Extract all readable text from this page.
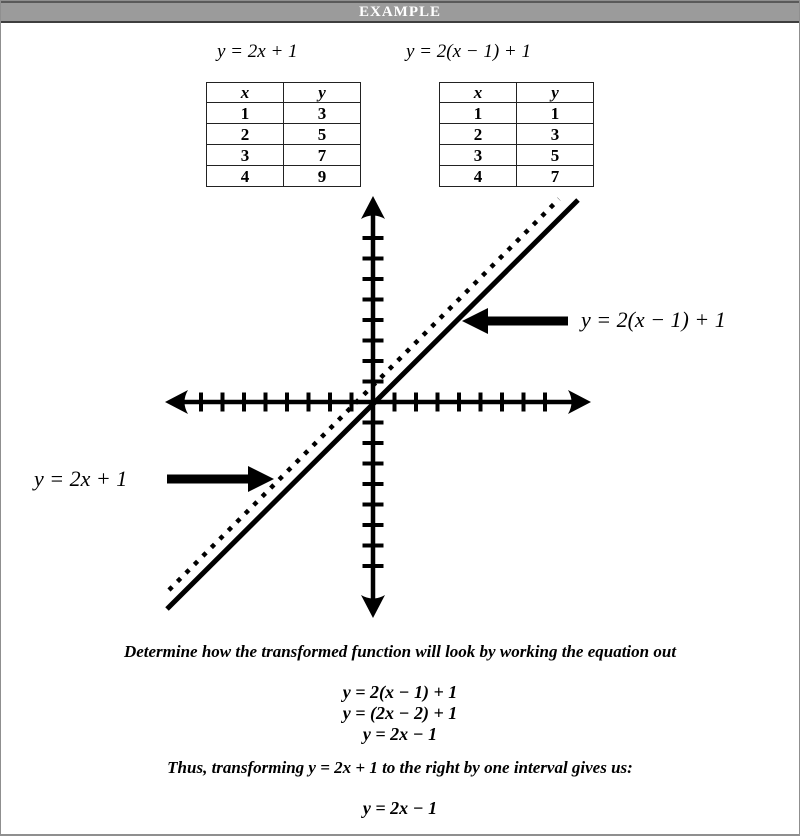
EXAMPLE
y = 2x + 1	y = 2(x − 1) + 1
x	y
1	3
2	5
3	7
4	9
x	y
1	1
2	3
3	5
4	7
y = 2(x − 1) + 1
y = 2x + 1
Determine how the transformed function will look by working the equation out
y = 2(x − 1) + 1
y = (2x − 2) + 1
y = 2x − 1
Thus, transforming y = 2x + 1 to the right by one interval gives us:
y = 2x − 1
